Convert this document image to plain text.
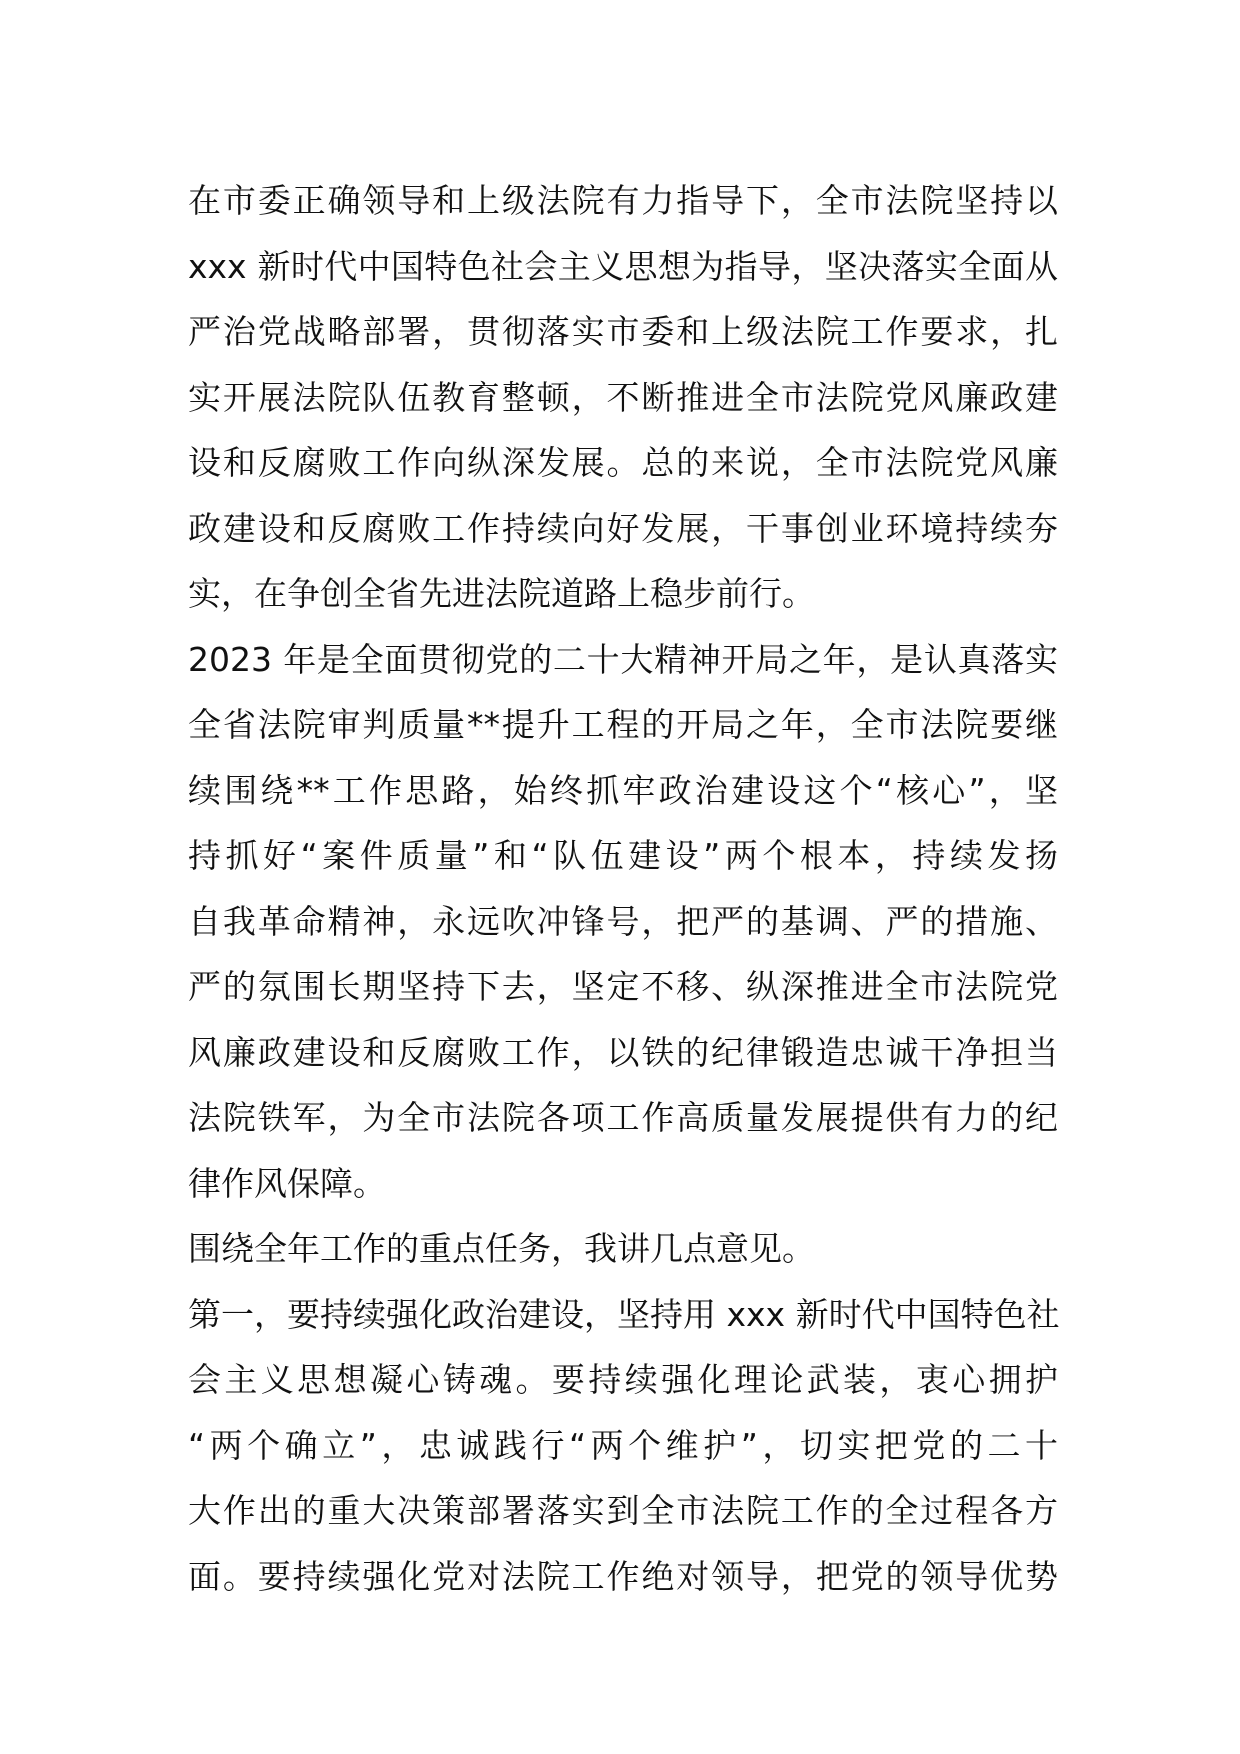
在市委正确领导和上级法院有力指导下，全市法院坚持以
xxx 新时代中国特色社会主义思想为指导，坚决落实全面从
严治党战略部署，贯彻落实市委和上级法院工作要求，扎
实开展法院队伍教育整顿，不断推进全市法院党风廉政建
设和反腐败工作向纵深发展。总的来说，全市法院党风廉
政建设和反腐败工作持续向好发展，干事创业环境持续夯
实，在争创全省先进法院道路上稳步前行。
2023 年是全面贯彻党的二十大精神开局之年，是认真落实
全省法院审判质量**提升工程的开局之年，全市法院要继
续围绕**工作思路，始终抓牢政治建设这个“核心”，坚
持抓好“案件质量”和“队伍建设”两个根本，持续发扬
自我革命精神，永远吹冲锋号，把严的基调、严的措施、
严的氛围长期坚持下去，坚定不移、纵深推进全市法院党
风廉政建设和反腐败工作，以铁的纪律锻造忠诚干净担当
法院铁军，为全市法院各项工作高质量发展提供有力的纪
律作风保障。
围绕全年工作的重点任务，我讲几点意见。
第一，要持续强化政治建设，坚持用 xxx 新时代中国特色社
会主义思想凝心铸魂。要持续强化理论武装，衷心拥护
“两个确立”，忠诚践行“两个维护”，切实把党的二十
大作出的重大决策部署落实到全市法院工作的全过程各方
面。要持续强化党对法院工作绝对领导，把党的领导优势
